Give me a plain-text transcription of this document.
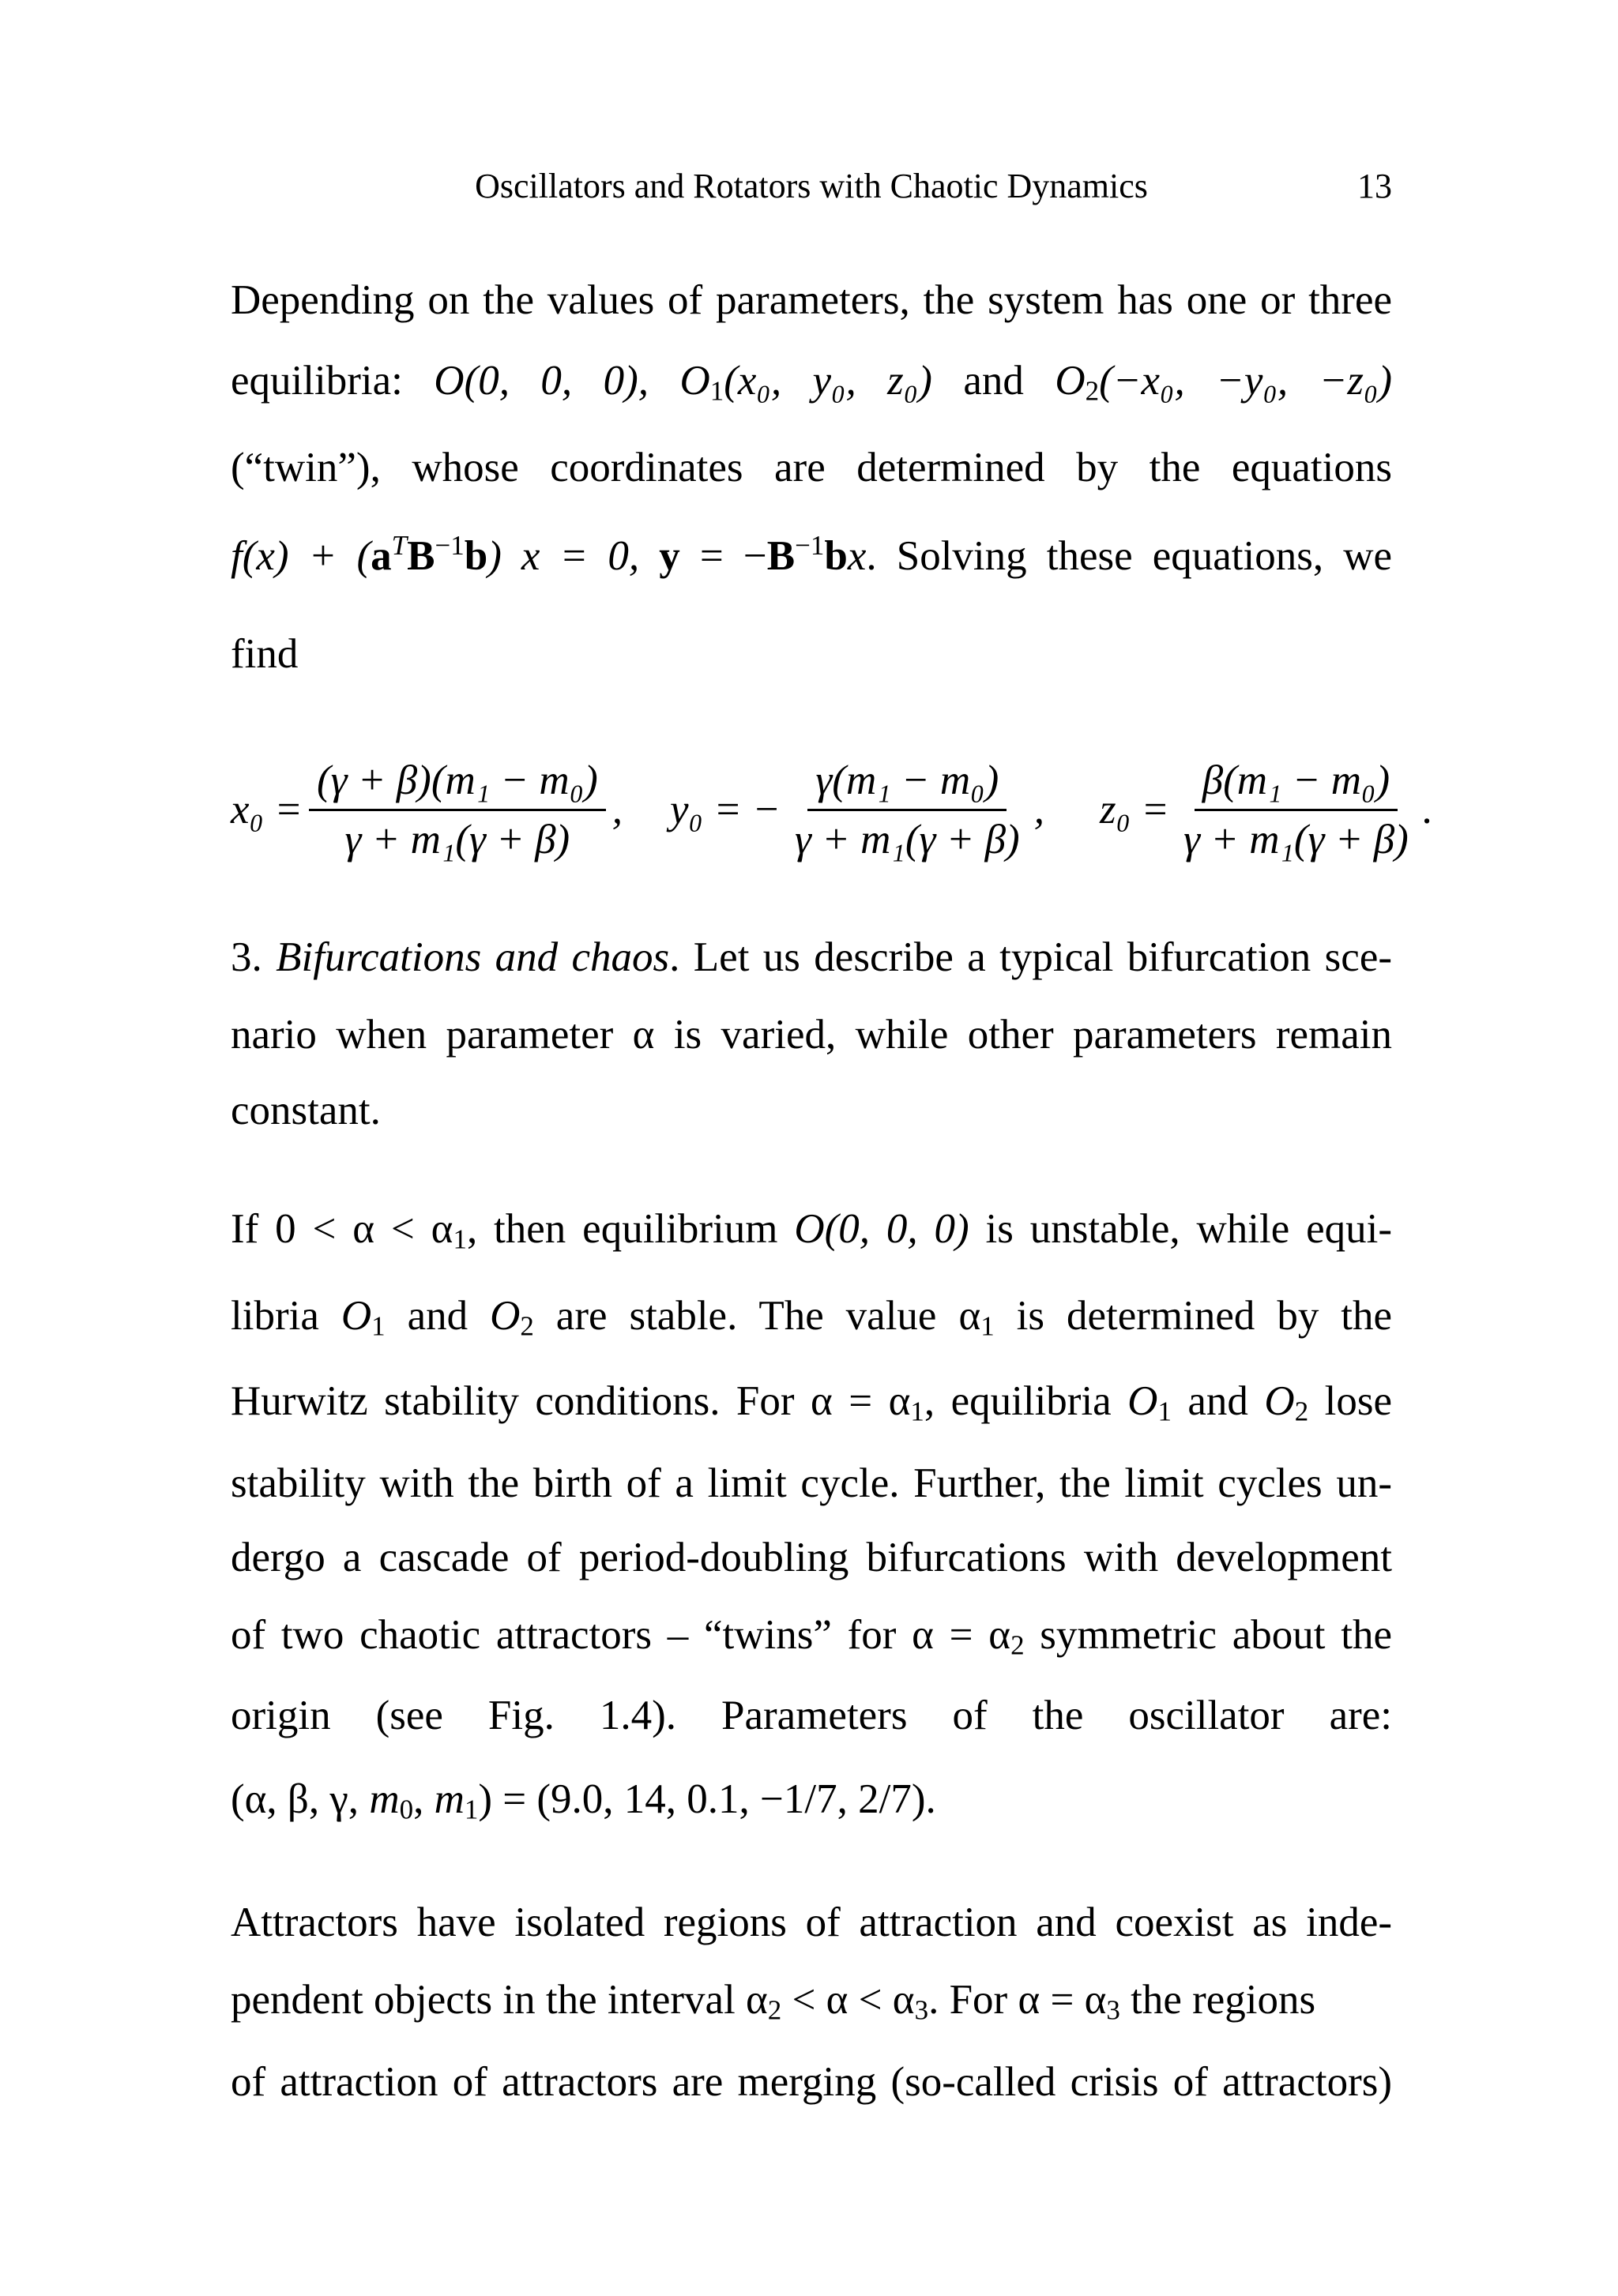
Oscillators and Rotators with Chaotic Dynamics	13
Depending on the values of parameters, the system has one or three
equilibria: O(0, 0, 0), $O_1(x_0$, y₀, z₀) and $O_2(-x_0$, −y₀, −z₀)
(“twin”), whose coordinates are determined by the equations
$f(x) + (a^TB^{-1}b) x = 0$, $y = -B^{-1}bx$. Solving these equations, we
find
$x_0 = \frac{\text{(γ + β)(m₁ − m₀)}}{\text{γ + m₁(γ + β)}}$ , y₀ = − $\frac{\text{γ(m₁ − m₀)}}{\text{γ + m₁(γ + β)}}$ , $z_0 = \frac{\text{β(m₁ − m₀)}}{\text{γ + m₁(γ + β)}}$ .
3. Bifurcations and chaos. Let us describe a typical bifurcation sce-
nario when parameter α is varied, while other parameters remain
constant.
If $0 < \alpha < \alpha_1$, then equilibrium O(0, 0, 0) is unstable, while equi-
libria $O_1$ and $O_2$ are stable. The value $\alpha_1$ is determined by the
Hurwitz stability conditions. For $\alpha = \alpha_1$, equilibria $O_1$ and $O_2$ lose
stability with the birth of a limit cycle. Further, the limit cycles un-
dergo a cascade of period-doubling bifurcations with development
of two chaotic attractors – “twins” for $\alpha = \alpha_2$ symmetric about the
origin (see Fig. 1.4). Parameters of the oscillator are:
(α, β, γ, $m_0$, $m_1) = (9.0$, 14, 0.1, −1/7, 2/7).
Attractors have isolated regions of attraction and coexist as inde-
pendent objects in the interval $\alpha_2 < \alpha < \alpha_3$. For $\alpha = \alpha_3$ the regions
of attraction of attractors are merging (so-called crisis of attractors)
